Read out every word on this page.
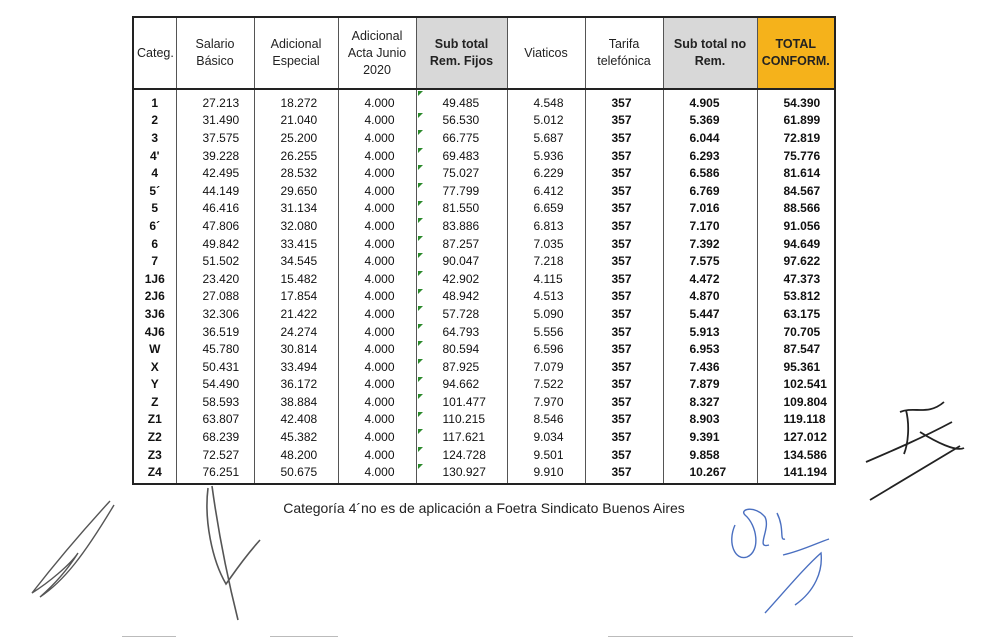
Categ.	Salario Básico	Adicional Especial	Adicional Acta Junio 2020	Sub total Rem. Fijos	Viaticos	Tarifa telefónica	Sub total no Rem.	TOTAL CONFORM.
1	27.213	18.272	4.000	49.485	4.548	357	4.905	54.390
2	31.490	21.040	4.000	56.530	5.012	357	5.369	61.899
3	37.575	25.200	4.000	66.775	5.687	357	6.044	72.819
4'	39.228	26.255	4.000	69.483	5.936	357	6.293	75.776
4	42.495	28.532	4.000	75.027	6.229	357	6.586	81.614
5´	44.149	29.650	4.000	77.799	6.412	357	6.769	84.567
5	46.416	31.134	4.000	81.550	6.659	357	7.016	88.566
6´	47.806	32.080	4.000	83.886	6.813	357	7.170	91.056
6	49.842	33.415	4.000	87.257	7.035	357	7.392	94.649
7	51.502	34.545	4.000	90.047	7.218	357	7.575	97.622
1J6	23.420	15.482	4.000	42.902	4.115	357	4.472	47.373
2J6	27.088	17.854	4.000	48.942	4.513	357	4.870	53.812
3J6	32.306	21.422	4.000	57.728	5.090	357	5.447	63.175
4J6	36.519	24.274	4.000	64.793	5.556	357	5.913	70.705
W	45.780	30.814	4.000	80.594	6.596	357	6.953	87.547
X	50.431	33.494	4.000	87.925	7.079	357	7.436	95.361
Y	54.490	36.172	4.000	94.662	7.522	357	7.879	102.541
Z	58.593	38.884	4.000	101.477	7.970	357	8.327	109.804
Z1	63.807	42.408	4.000	110.215	8.546	357	8.903	119.118
Z2	68.239	45.382	4.000	117.621	9.034	357	9.391	127.012
Z3	72.527	48.200	4.000	124.728	9.501	357	9.858	134.586
Z4	76.251	50.675	4.000	130.927	9.910	357	10.267	141.194
Categoría 4´no es de aplicación a Foetra Sindicato Buenos Aires
